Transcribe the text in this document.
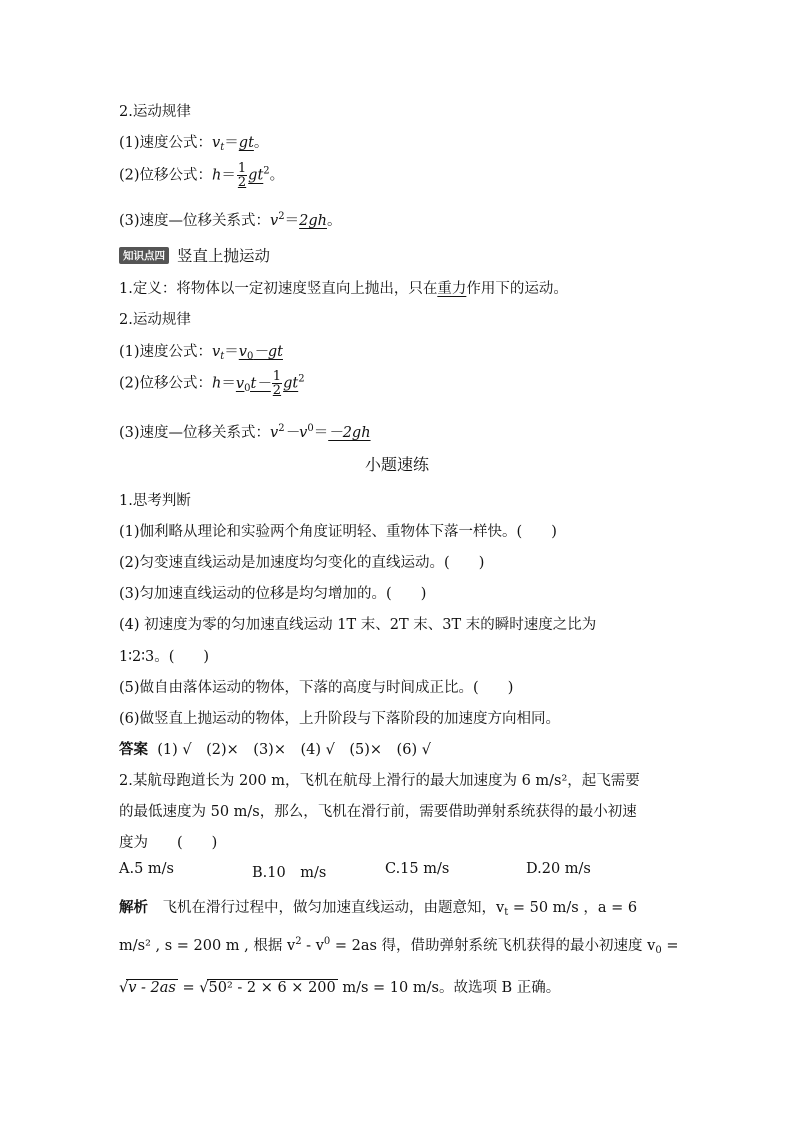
2.运动规律
(1)速度公式：$v_t=gt$。
(2)位移公式：$h= \frac{1}{2} gt^2$。
(3)速度—位移关系式：$v^2=2gh$。
知识点四 竖直上抛运动
1.定义：将物体以一定初速度竖直向上抛出，只在重力作用下的运动。
2.运动规律
(1)速度公式：$v_t=v_0-gt$
(2)位移公式：$h=v_0t- \frac{1}{2} gt^2$
(3)速度—位移关系式：$v^2-v^0=-2gh$
小题速练
1.思考判断
(1)伽利略从理论和实验两个角度证明轻、重物体下落一样快。(　　)
(2)匀变速直线运动是加速度均匀变化的直线运动。(　　)
(3)匀加速直线运动的位移是均匀增加的。(　　)
(4) 初速度为零的匀加速直线运动 1T 末、2T 末、3T 末的瞬时速度之比为
1∶2∶3。(　　)
(5)做自由落体运动的物体，下落的高度与时间成正比。(　　)
(6)做竖直上抛运动的物体，上升阶段与下落阶段的加速度方向相同。
答案 (1) √　(2)×　(3)×　(4) √　(5)×　(6) √
2.某航母跑道长为 200 m，飞机在航母上滑行的最大加速度为 6 m/s²，起飞需要
的最低速度为 50 m/s，那么，飞机在滑行前，需要借助弹射系统获得的最小初速
度为　　(　　)
A.5 m/s	B.10　m/s	C.15 m/s	D.20 m/s
解析　飞机在滑行过程中，做匀加速直线运动，由题意知，$v_t = 50$ m/s ，a = 6
m/s² , s = 200 m , 根据 $v^2 - v^0 = 2as$ 得，借助弹射系统飞机获得的最小初速度 $v_0$ =
√v - 2as = √50² - 2 × 6 × 200 m/s = 10 m/s。故选项 B 正确。
